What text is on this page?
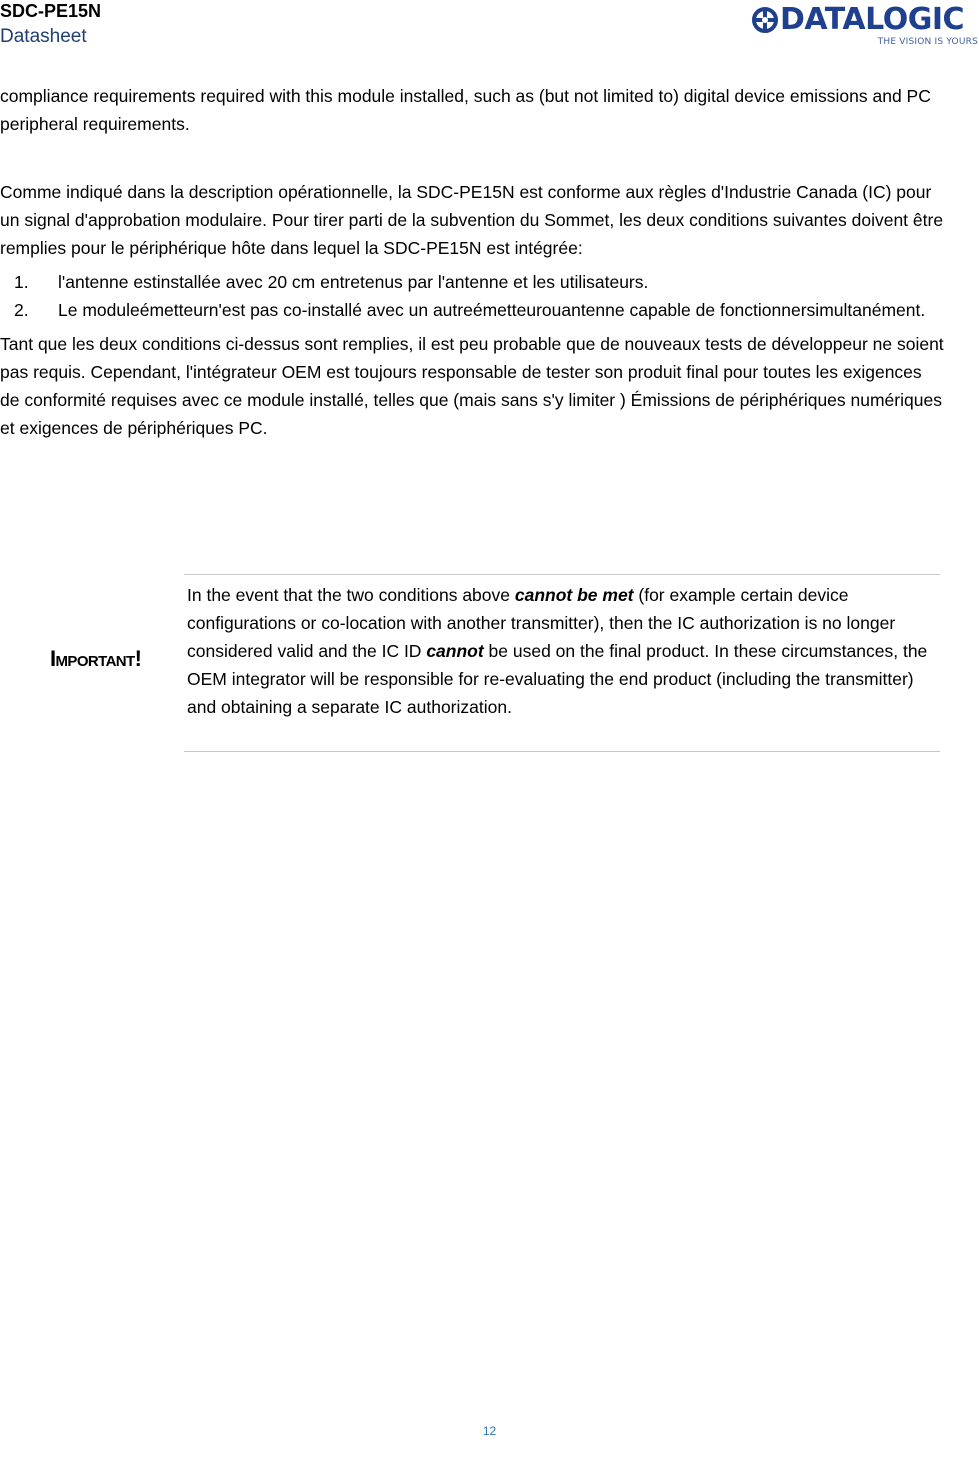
SDC-PE15N
Datasheet	DATALOGIC
THE VISION IS YOURS

compliance requirements required with this module installed, such as (but not limited to) digital device emissions and PC peripheral requirements.

Comme indiqué dans la description opérationnelle, la SDC-PE15N est conforme aux règles d'Industrie Canada (IC) pour un signal d'approbation modulaire. Pour tirer parti de la subvention du Sommet, les deux conditions suivantes doivent être remplies pour le périphérique hôte dans lequel la SDC-PE15N est intégrée:

1. l'antenne estinstallée avec 20 cm entretenus par l'antenne et les utilisateurs.
2. Le moduleémetteurn'est pas co-installé avec un autreémetteurouantenne capable de fonctionnersimultanément.

Tant que les deux conditions ci-dessus sont remplies, il est peu probable que de nouveaux tests de développeur ne soient pas requis. Cependant, l'intégrateur OEM est toujours responsable de tester son produit final pour toutes les exigences de conformité requises avec ce module installé, telles que (mais sans s'y limiter ) Émissions de périphériques numériques et exigences de périphériques PC.

IMPORTANT!

In the event that the two conditions above cannot be met (for example certain device configurations or co-location with another transmitter), then the IC authorization is no longer considered valid and the IC ID cannot be used on the final product. In these circumstances, the OEM integrator will be responsible for re-evaluating the end product (including the transmitter) and obtaining a separate IC authorization.

12
